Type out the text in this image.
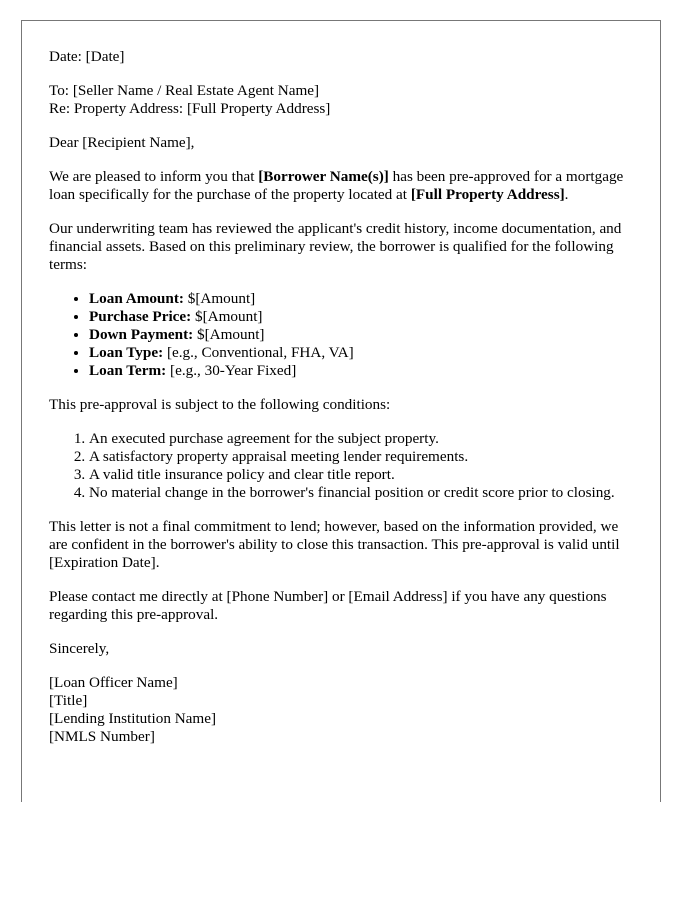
Date: [Date]

To: [Seller Name / Real Estate Agent Name]
Re: Property Address: [Full Property Address]

Dear [Recipient Name],

We are pleased to inform you that [Borrower Name(s)] has been pre-approved for a mortgage loan specifically for the purchase of the property located at [Full Property Address].

Our underwriting team has reviewed the applicant's credit history, income documentation, and financial assets. Based on this preliminary review, the borrower is qualified for the following terms:

• Loan Amount: $[Amount]
• Purchase Price: $[Amount]
• Down Payment: $[Amount]
• Loan Type: [e.g., Conventional, FHA, VA]
• Loan Term: [e.g., 30-Year Fixed]

This pre-approval is subject to the following conditions:

1. An executed purchase agreement for the subject property.
2. A satisfactory property appraisal meeting lender requirements.
3. A valid title insurance policy and clear title report.
4. No material change in the borrower's financial position or credit score prior to closing.

This letter is not a final commitment to lend; however, based on the information provided, we are confident in the borrower's ability to close this transaction. This pre-approval is valid until [Expiration Date].

Please contact me directly at [Phone Number] or [Email Address] if you have any questions regarding this pre-approval.

Sincerely,

[Loan Officer Name]
[Title]
[Lending Institution Name]
[NMLS Number]
